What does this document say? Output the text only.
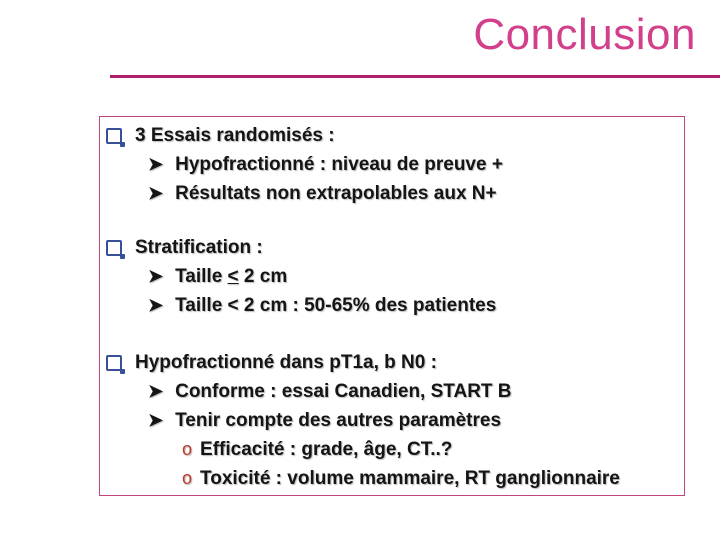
Conclusion
3 Essais randomisés :
➤ Hypofractionné : niveau de preuve +
➤ Résultats non extrapolables aux N+
Stratification :
➤ Taille < 2 cm
➤ Taille < 2 cm : 50-65% des patientes
Hypofractionné dans pT1a, b N0 :
➤ Conforme : essai Canadien, START B
➤ Tenir compte des autres paramètres
o Efficacité : grade, âge, CT..?
o Toxicité : volume mammaire, RT ganglionnaire
